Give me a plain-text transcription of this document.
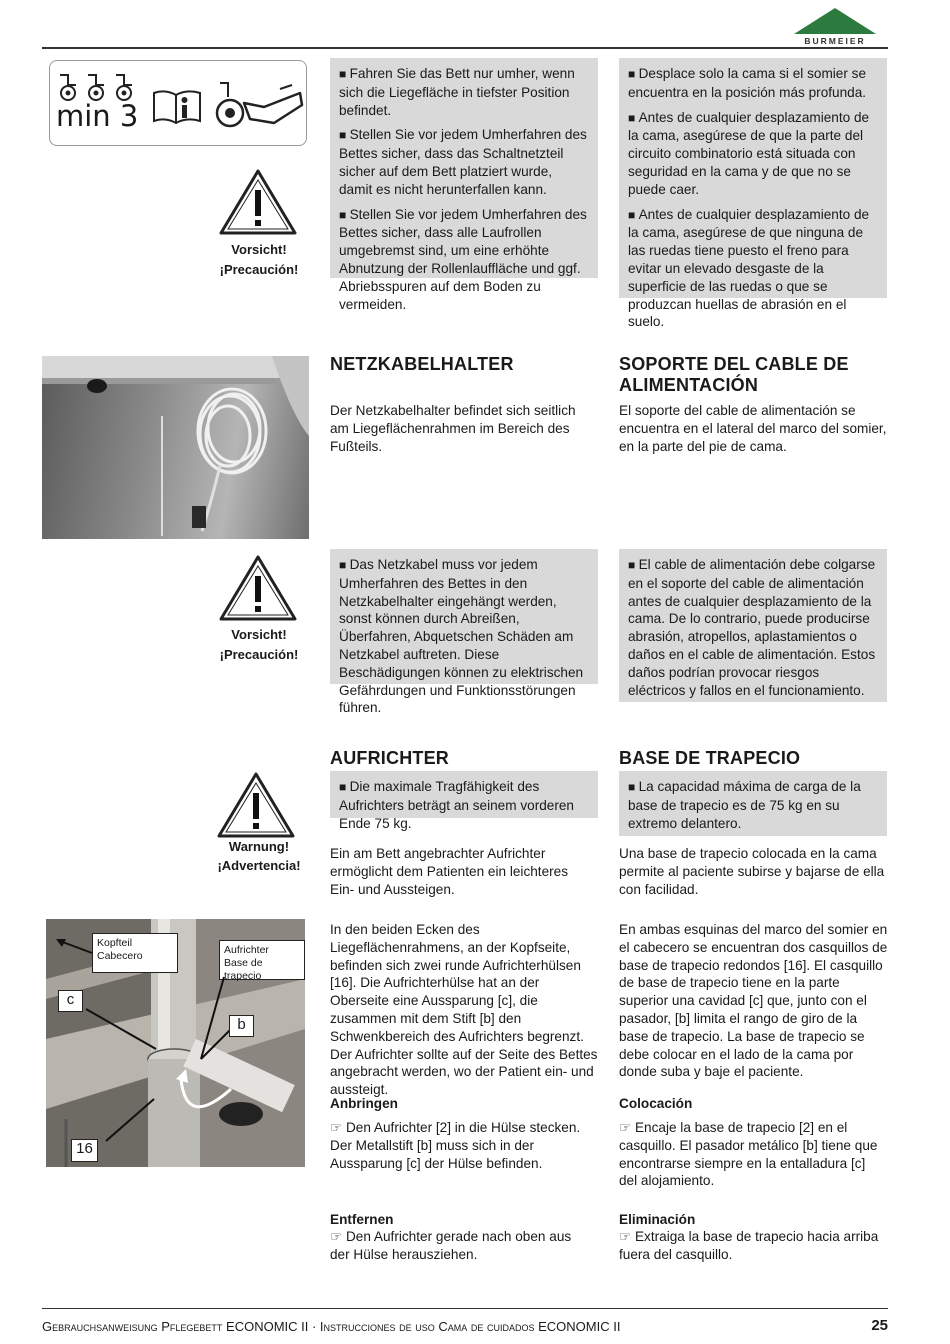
BURMEIER
min 3
Vorsicht!
¡Precaución!

■ Fahren Sie das Bett nur umher, wenn sich die Liegefläche in tiefster Position befindet.

■ Stellen Sie vor jedem Umherfahren des Bettes sicher, dass das Schaltnetzteil sicher auf dem Bett platziert wurde, damit es nicht herunterfallen kann.

■ Stellen Sie vor jedem Umherfahren des Bettes sicher, dass alle Laufrollen umgebremst sind, um eine erhöhte Abnutzung der Rollenlauffläche und ggf. Abriebsspuren auf dem Boden zu vermeiden.

■ Desplace solo la cama si el somier se encuentra en la posición más profunda.

■ Antes de cualquier desplazamiento de la cama, asegúrese de que la parte del circuito combinatorio está situada con seguridad en la cama y de que no se puede caer.

■ Antes de cualquier desplazamiento de la cama, asegúrese de que ninguna de las ruedas tiene puesto el freno para evitar un elevado desgaste de la superficie de las ruedas o que se produzcan huellas de abrasión en el suelo.

NETZKABELHALTER	SOPORTE DEL CABLE DE ALIMENTACIÓN
Der Netzkabelhalter befindet sich seitlich am Liegeflächenrahmen im Bereich des Fußteils.
El soporte del cable de alimentación se encuentra en el lateral del marco del somier, en la parte del pie de cama.
Vorsicht!
¡Precaución!

■ Das Netzkabel muss vor jedem Umherfahren des Bettes in den Netzkabelhalter eingehängt werden, sonst können durch Abreißen, Überfahren, Abquetschen Schäden am Netzkabel auftreten. Diese Beschädigungen können zu elektrischen Gefährdungen und Funktionsstörungen führen.

■ El cable de alimentación debe colgarse en el soporte del cable de alimentación antes de cualquier desplazamiento de la cama. De lo contrario, puede producirse abrasión, atropellos, aplastamientos o daños en el cable de alimentación. Estos daños podrían provocar riesgos eléctricos y fallos en el funcionamiento.

AUFRICHTER	BASE DE TRAPECIO
Warnung!
¡Advertencia!

■ Die maximale Tragfähigkeit des Aufrichters beträgt an seinem vorderen Ende 75 kg.

■ La capacidad máxima de carga de la base de trapecio es de 75 kg en su extremo delantero.

Ein am Bett angebrachter Aufrichter ermöglicht dem Patienten ein leichteres Ein- und Aussteigen.
Una base de trapecio colocada en la cama permite al paciente subirse y bajarse de ella con facilidad.
In den beiden Ecken des Liegeflächenrahmens, an der Kopfseite, befinden sich zwei runde Aufrichterhülsen [16]. Die Aufrichterhülse hat an der Oberseite eine Aussparung [c], die zusammen mit dem Stift [b] den Schwenkbereich des Aufrichters begrenzt. Der Aufrichter sollte auf der Seite des Bettes angebracht werden, wo der Patient ein- und aussteigt.
En ambas esquinas del marco del somier en el cabecero se encuentran dos casquillos de base de trapecio redondos [16]. El casquillo de base de trapecio tiene en la parte superior una cavidad [c] que, junto con el pasador, [b] limita el rango de giro de la base de trapecio. La base de trapecio se debe colocar en el lado de la cama por donde suba y baje el paciente.
Kopfteil
Cabecero	Aufrichter
Base de trapecio
c
b
16
Anbringen	Colocación
☞ Den Aufrichter [2] in die Hülse stecken. Der Metallstift [b] muss sich in der Aussparung [c] der Hülse befinden.
☞ Encaje la base de trapecio [2] en el casquillo. El pasador metálico [b] tiene que encontrarse siempre en la entalladura [c] del alojamiento.
Entfernen	Eliminación
☞ Den Aufrichter gerade nach oben aus der Hülse herausziehen.
☞ Extraiga la base de trapecio hacia arriba fuera del casquillo.
Gebrauchsanweisung Pflegebett ECONOMIC II · Instrucciones de uso Cama de cuidados ECONOMIC II	25
